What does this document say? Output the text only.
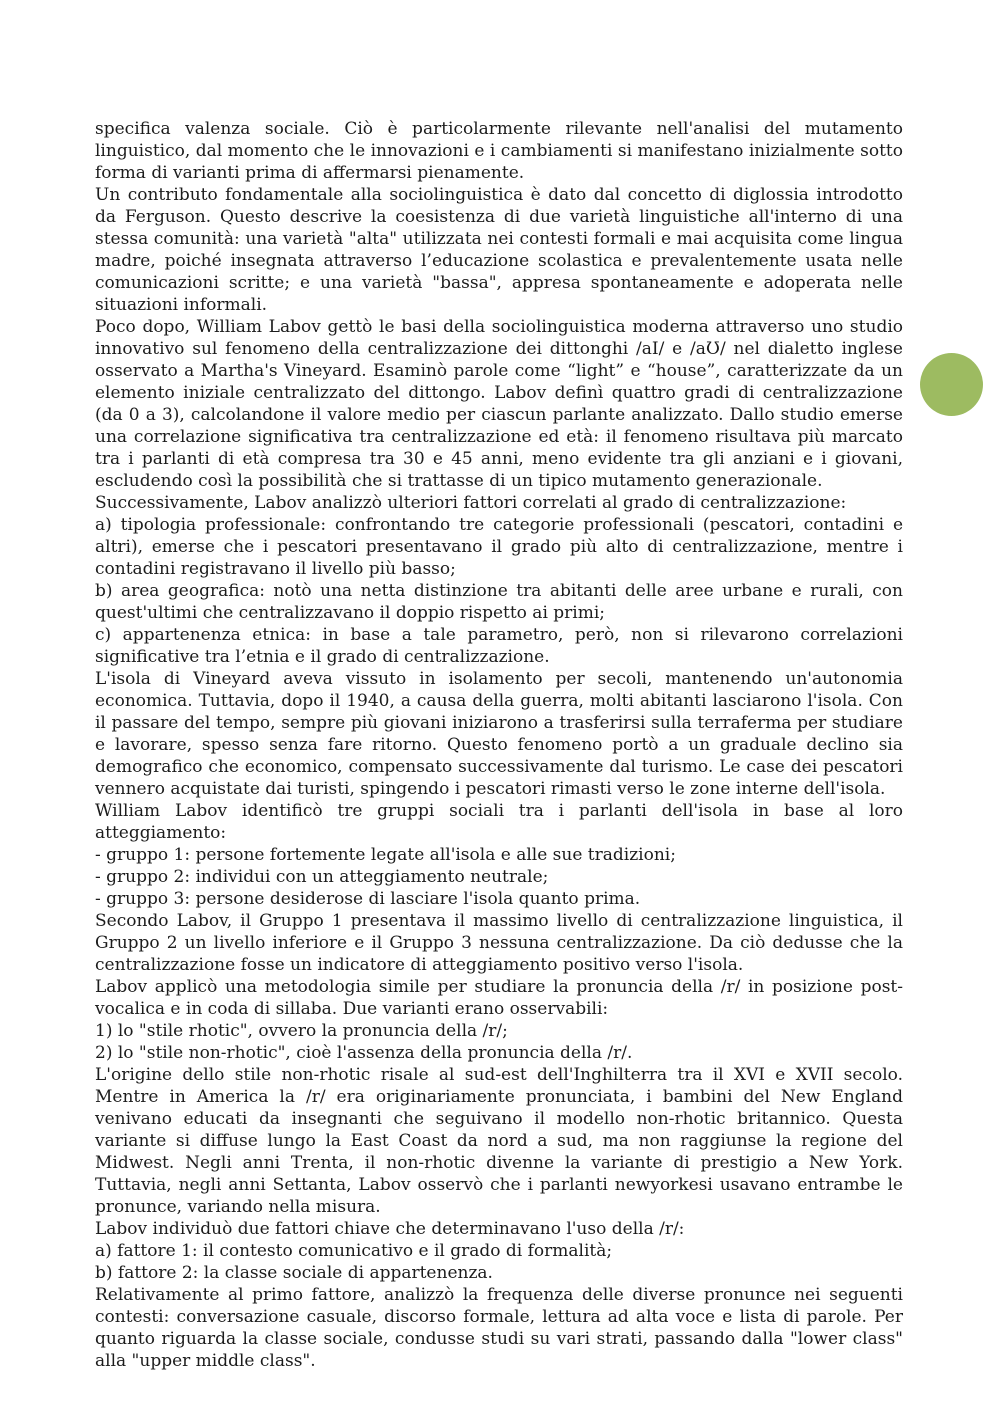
specifica valenza sociale. Ciò è particolarmente rilevante nell'analisi del mutamento linguistico, dal momento che le innovazioni e i cambiamenti si manifestano inizialmente sotto forma di varianti prima di affermarsi pienamente.

Un contributo fondamentale alla sociolinguistica è dato dal concetto di diglossia introdotto da Ferguson. Questo descrive la coesistenza di due varietà linguistiche all'interno di una stessa comunità: una varietà "alta" utilizzata nei contesti formali e mai acquisita come lingua madre, poiché insegnata attraverso l’educazione scolastica e prevalentemente usata nelle comunicazioni scritte; e una varietà "bassa", appresa spontaneamente e adoperata nelle situazioni informali.

Poco dopo, William Labov gettò le basi della sociolinguistica moderna attraverso uno studio innovativo sul fenomeno della centralizzazione dei dittonghi /aI/ e /aƱ/ nel dialetto inglese osservato a Martha's Vineyard. Esaminò parole come “light” e “house”, caratterizzate da un elemento iniziale centralizzato del dittongo. Labov definì quattro gradi di centralizzazione (da 0 a 3), calcolandone il valore medio per ciascun parlante analizzato. Dallo studio emerse una correlazione significativa tra centralizzazione ed età: il fenomeno risultava più marcato tra i parlanti di età compresa tra 30 e 45 anni, meno evidente tra gli anziani e i giovani, escludendo così la possibilità che si trattasse di un tipico mutamento generazionale.

Successivamente, Labov analizzò ulteriori fattori correlati al grado di centralizzazione:

a) tipologia professionale: confrontando tre categorie professionali (pescatori, contadini e altri), emerse che i pescatori presentavano il grado più alto di centralizzazione, mentre i contadini registravano il livello più basso;

b) area geografica: notò una netta distinzione tra abitanti delle aree urbane e rurali, con quest'ultimi che centralizzavano il doppio rispetto ai primi;

c) appartenenza etnica: in base a tale parametro, però, non si rilevarono correlazioni significative tra l’etnia e il grado di centralizzazione.

L'isola di Vineyard aveva vissuto in isolamento per secoli, mantenendo un'autonomia economica. Tuttavia, dopo il 1940, a causa della guerra, molti abitanti lasciarono l'isola. Con il passare del tempo, sempre più giovani iniziarono a trasferirsi sulla terraferma per studiare e lavorare, spesso senza fare ritorno. Questo fenomeno portò a un graduale declino sia demografico che economico, compensato successivamente dal turismo. Le case dei pescatori vennero acquistate dai turisti, spingendo i pescatori rimasti verso le zone interne dell'isola.

William Labov identificò tre gruppi sociali tra i parlanti dell'isola in base al loro atteggiamento:

- gruppo 1: persone fortemente legate all'isola e alle sue tradizioni;

- gruppo 2: individui con un atteggiamento neutrale;

- gruppo 3: persone desiderose di lasciare l'isola quanto prima.

Secondo Labov, il Gruppo 1 presentava il massimo livello di centralizzazione linguistica, il Gruppo 2 un livello inferiore e il Gruppo 3 nessuna centralizzazione. Da ciò dedusse che la centralizzazione fosse un indicatore di atteggiamento positivo verso l'isola.

Labov applicò una metodologia simile per studiare la pronuncia della /r/ in posizione post-vocalica e in coda di sillaba. Due varianti erano osservabili:

1) lo "stile rhotic", ovvero la pronuncia della /r/;

2) lo "stile non-rhotic", cioè l'assenza della pronuncia della /r/.

L'origine dello stile non-rhotic risale al sud-est dell'Inghilterra tra il XVI e XVII secolo. Mentre in America la /r/ era originariamente pronunciata, i bambini del New England venivano educati da insegnanti che seguivano il modello non-rhotic britannico. Questa variante si diffuse lungo la East Coast da nord a sud, ma non raggiunse la regione del Midwest. Negli anni Trenta, il non-rhotic divenne la variante di prestigio a New York. Tuttavia, negli anni Settanta, Labov osservò che i parlanti newyorkesi usavano entrambe le pronunce, variando nella misura.

Labov individuò due fattori chiave che determinavano l'uso della /r/:

a) fattore 1: il contesto comunicativo e il grado di formalità;

b) fattore 2: la classe sociale di appartenenza.

Relativamente al primo fattore, analizzò la frequenza delle diverse pronunce nei seguenti contesti: conversazione casuale, discorso formale, lettura ad alta voce e lista di parole. Per quanto riguarda la classe sociale, condusse studi su vari strati, passando dalla "lower class" alla "upper middle class".
